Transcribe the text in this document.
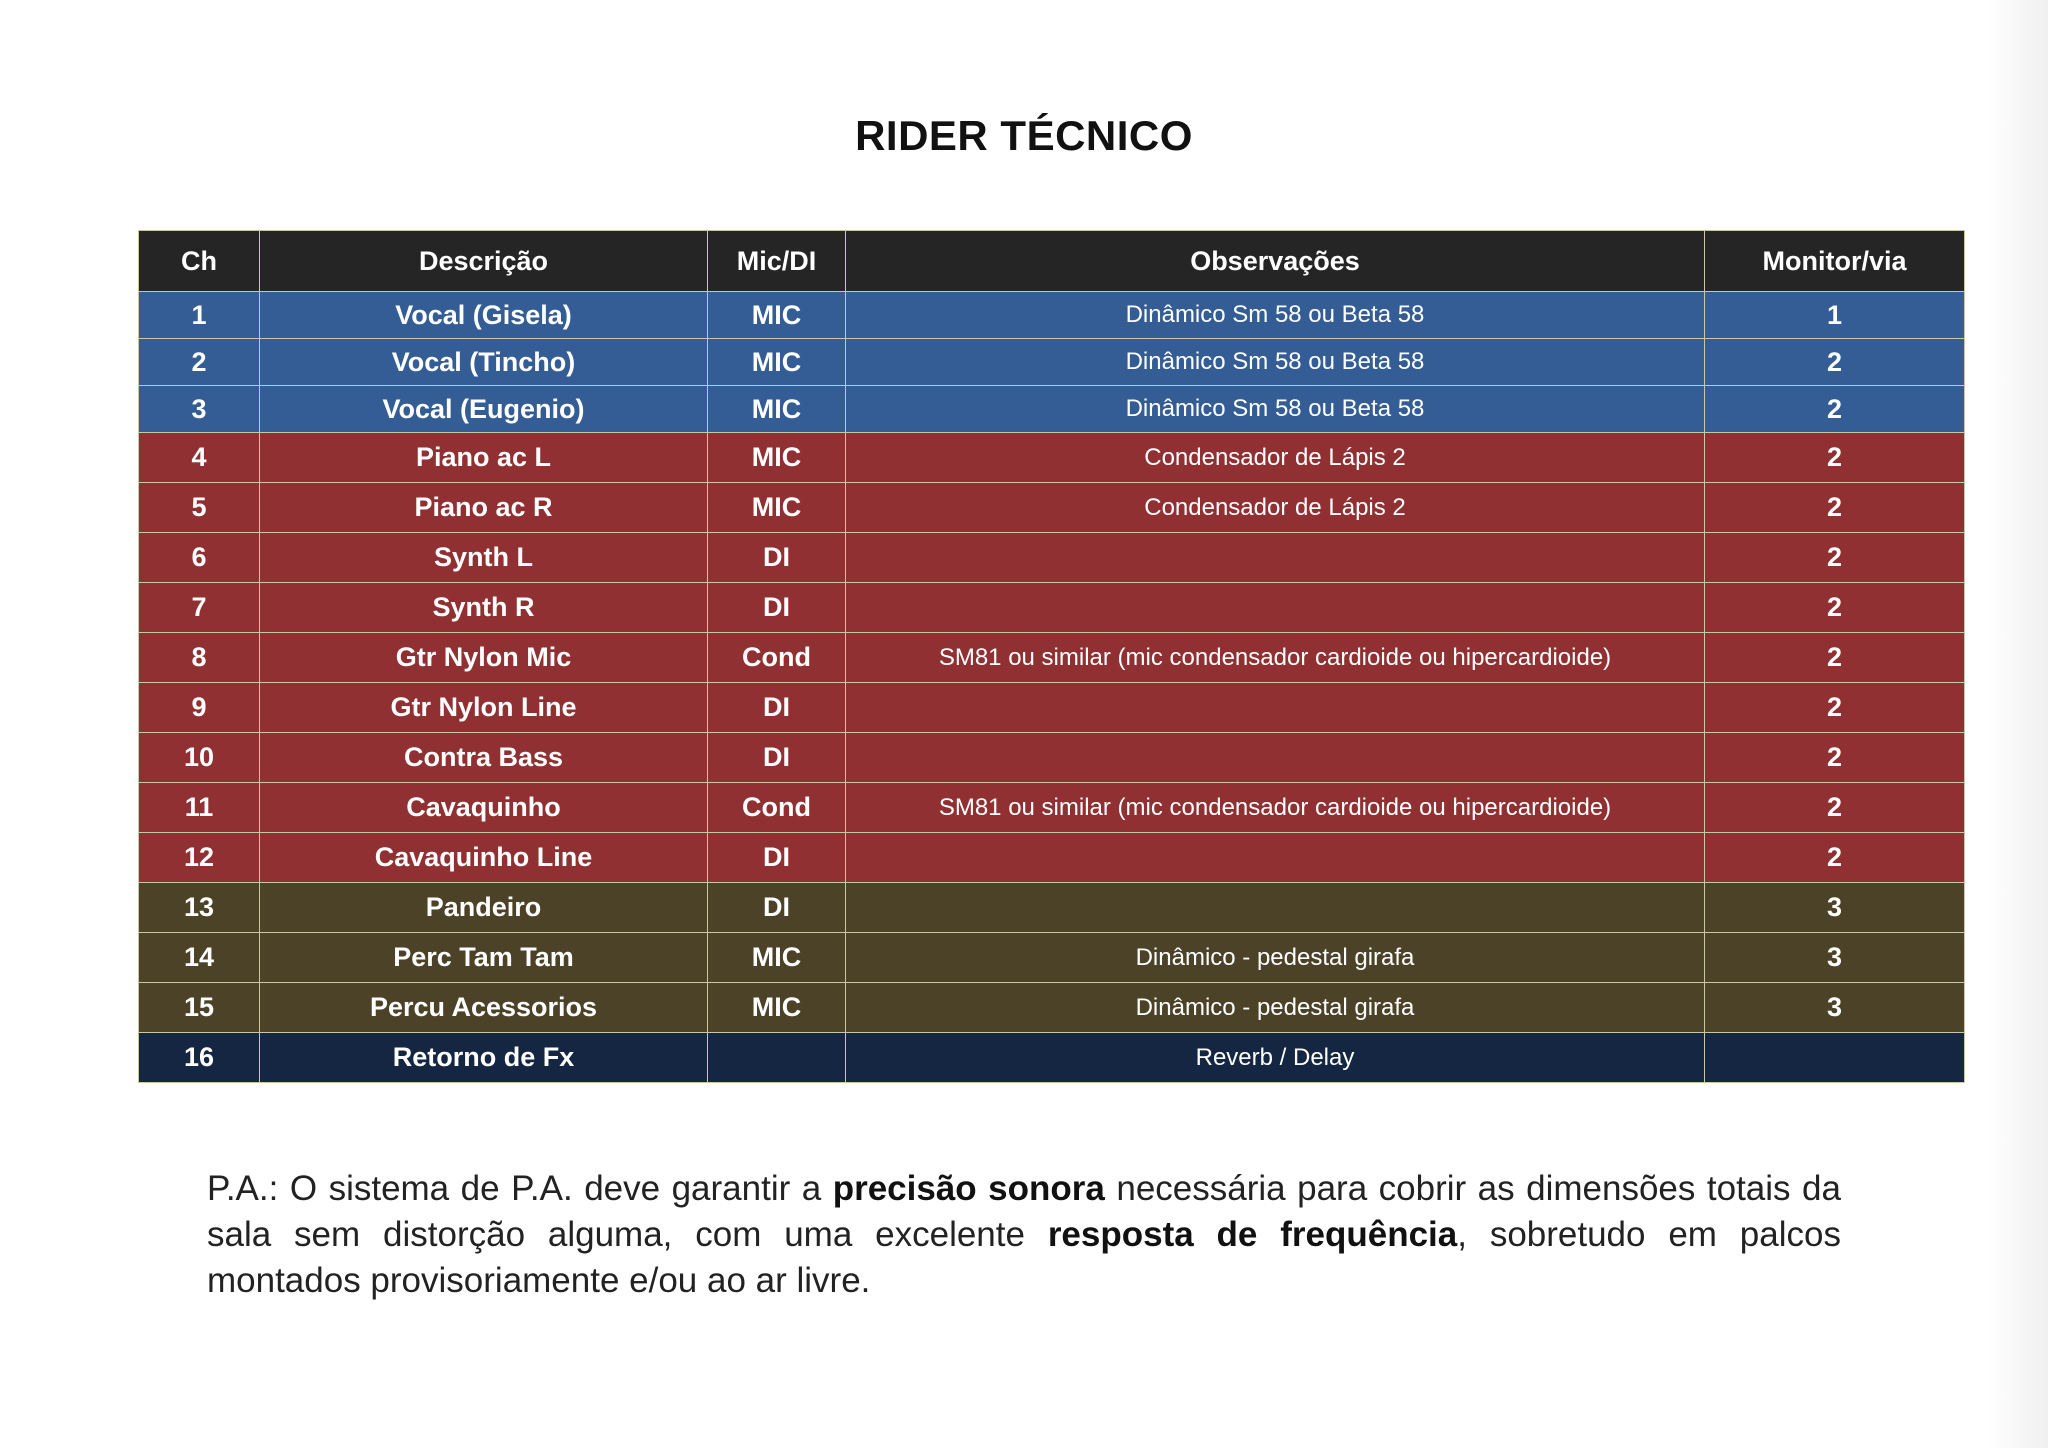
RIDER TÉCNICO
Ch	Descrição	Mic/DI	Observações	Monitor/via
1	Vocal (Gisela)	MIC	Dinâmico Sm 58 ou Beta 58	1
2	Vocal (Tincho)	MIC	Dinâmico Sm 58 ou Beta 58	2
3	Vocal (Eugenio)	MIC	Dinâmico Sm 58 ou Beta 58	2
4	Piano ac L	MIC	Condensador de Lápis 2	2
5	Piano ac R	MIC	Condensador de Lápis 2	2
6	Synth L	DI		2
7	Synth R	DI		2
8	Gtr Nylon Mic	Cond	SM81 ou similar (mic condensador cardioide ou hipercardioide)	2
9	Gtr Nylon Line	DI		2
10	Contra Bass	DI		2
11	Cavaquinho	Cond	SM81 ou similar (mic condensador cardioide ou hipercardioide)	2
12	Cavaquinho Line	DI		2
13	Pandeiro	DI		3
14	Perc Tam Tam	MIC	Dinâmico - pedestal girafa	3
15	Percu Acessorios	MIC	Dinâmico - pedestal girafa	3
16	Retorno de Fx		Reverb / Delay	
P.A.: O sistema de P.A. deve garantir a precisão sonora necessária para cobrir as dimensões totais da sala sem distorção alguma, com uma excelente resposta de frequência, sobretudo em palcos montados provisoriamente e/ou ao ar livre.
